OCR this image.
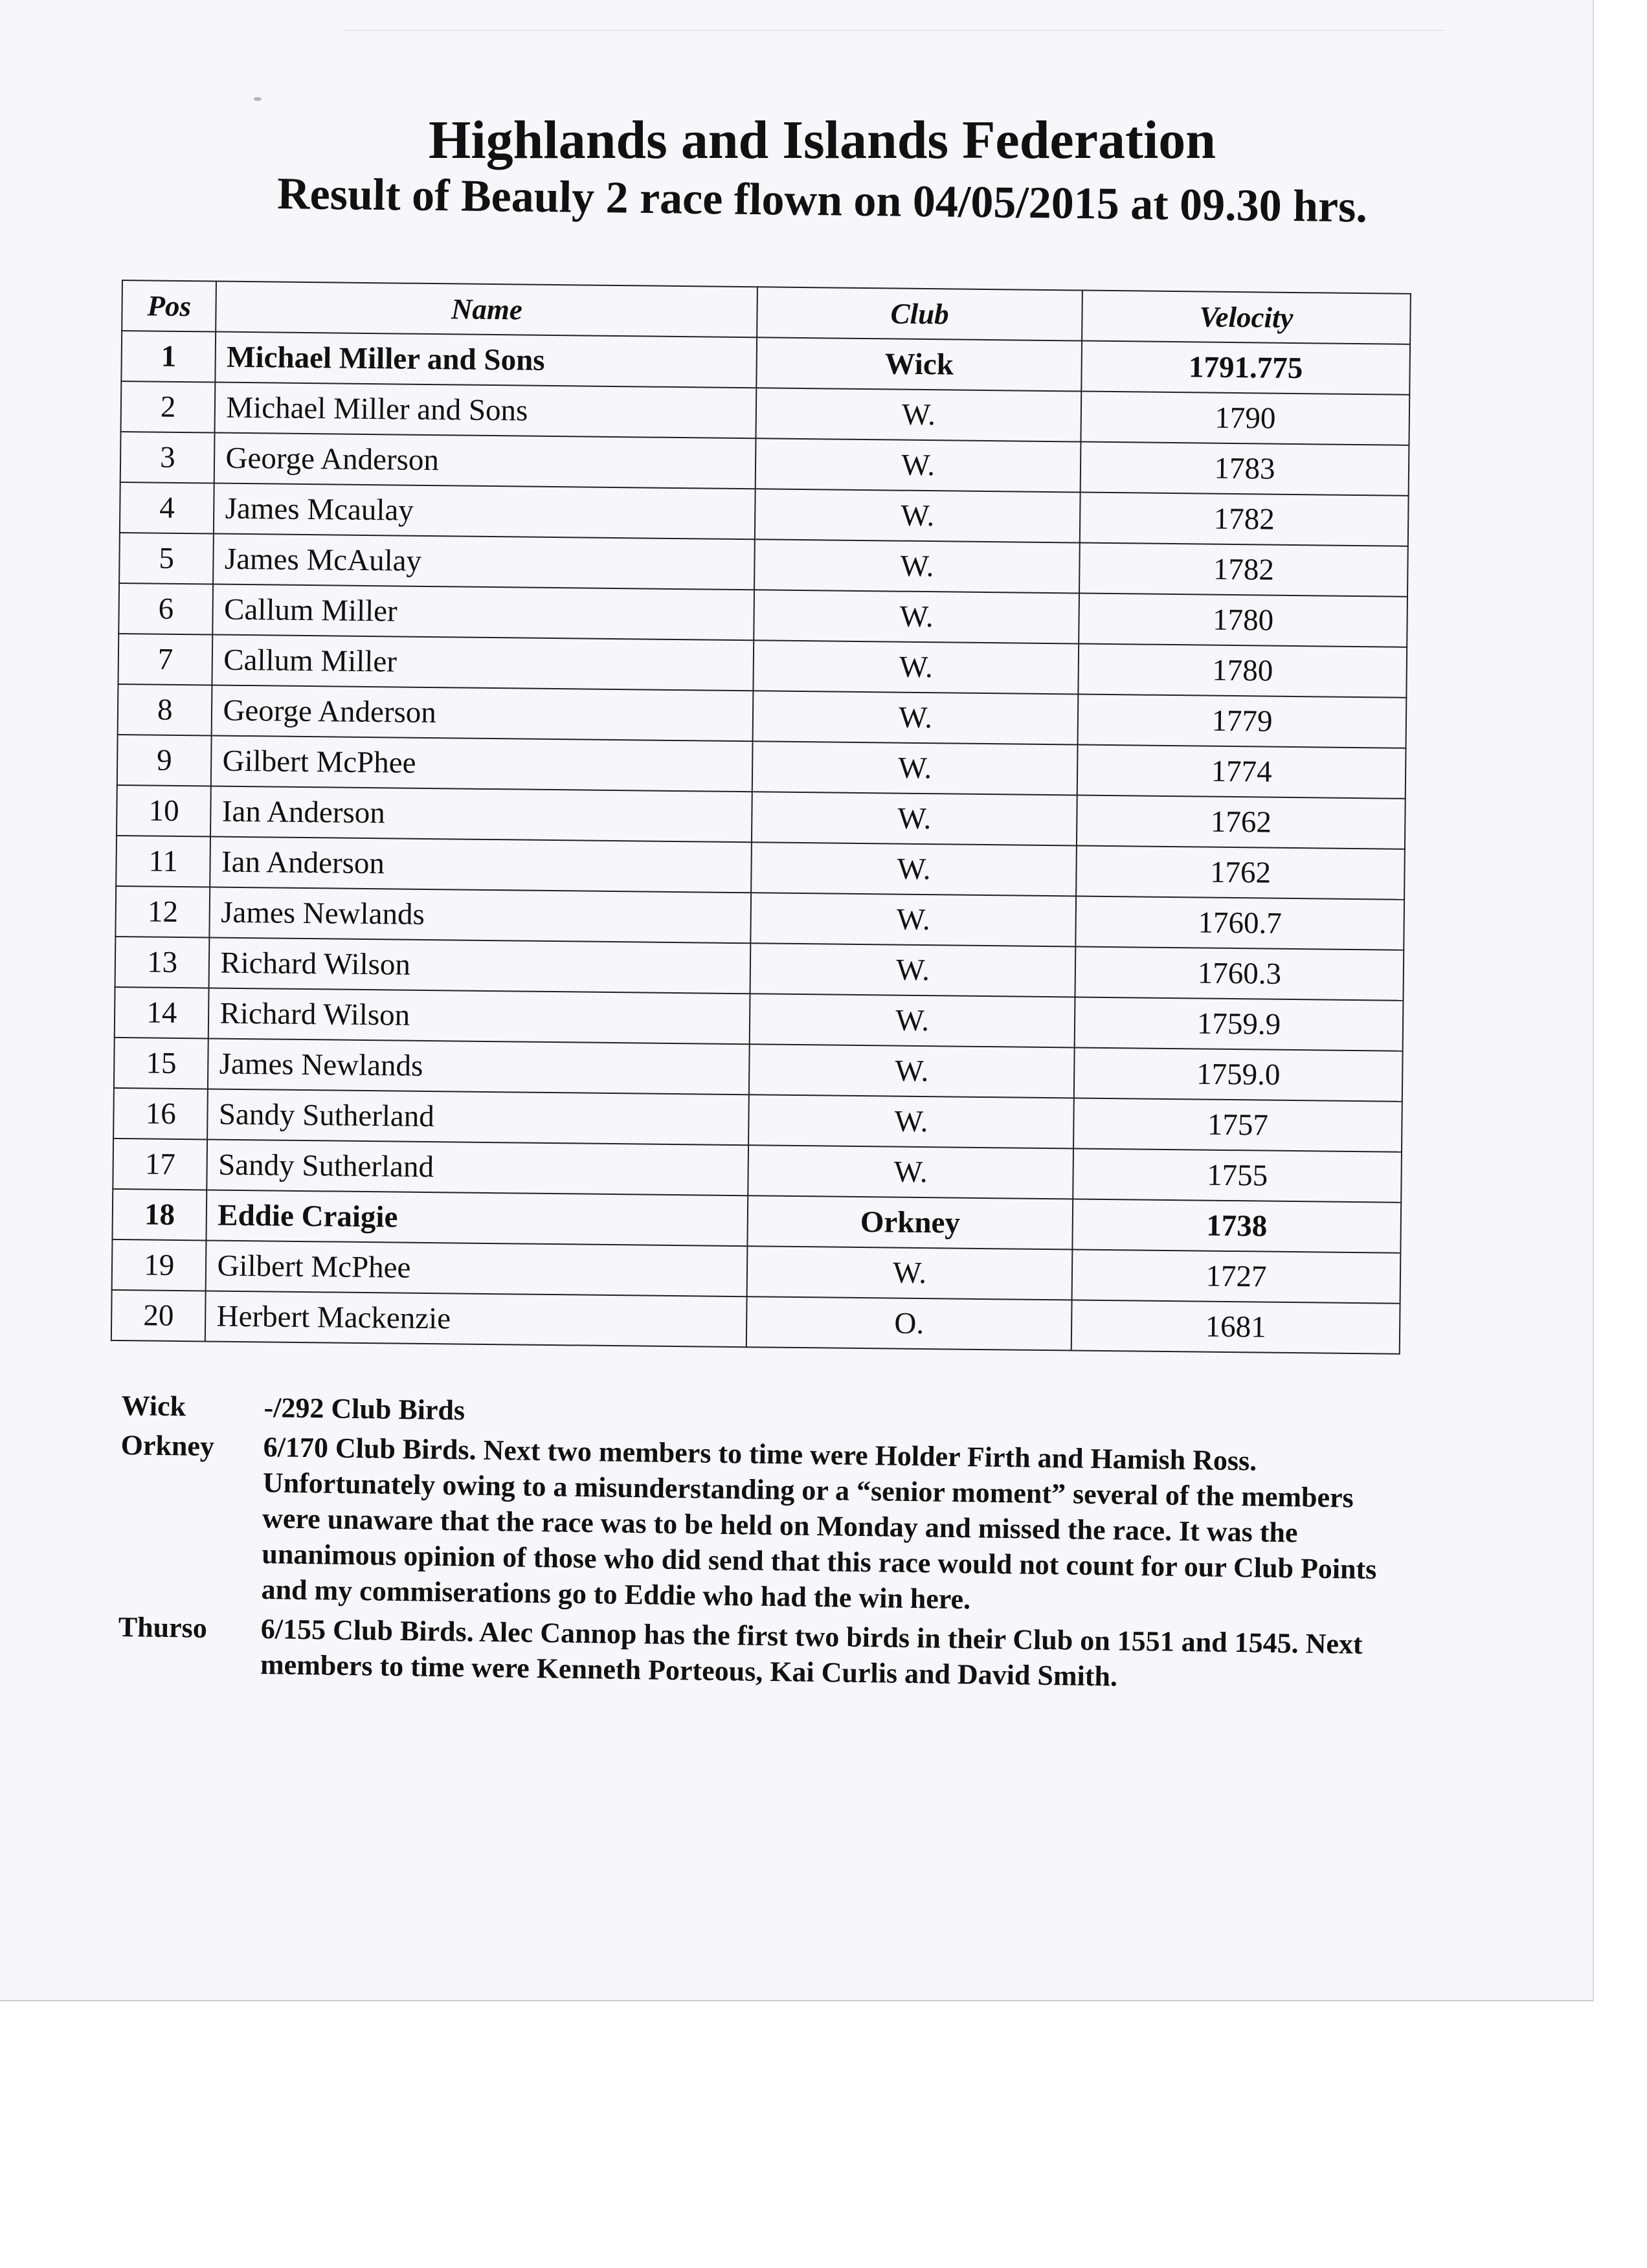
Highlands and Islands Federation
Result of Beauly 2 race flown on 04/05/2015 at 09.30 hrs.
Pos	Name	Club	Velocity
1	Michael Miller and Sons	Wick	1791.775
2	Michael Miller and Sons	W.	1790
3	George Anderson	W.	1783
4	James Mcaulay	W.	1782
5	James McAulay	W.	1782
6	Callum Miller	W.	1780
7	Callum Miller	W.	1780
8	George Anderson	W.	1779
9	Gilbert McPhee	W.	1774
10	Ian Anderson	W.	1762
11	Ian Anderson	W.	1762
12	James Newlands	W.	1760.7
13	Richard Wilson	W.	1760.3
14	Richard Wilson	W.	1759.9
15	James Newlands	W.	1759.0
16	Sandy Sutherland	W.	1757
17	Sandy Sutherland	W.	1755
18	Eddie Craigie	Orkney	1738
19	Gilbert McPhee	W.	1727
20	Herbert Mackenzie	O.	1681
Wick	-/292 Club Birds
Orkney	6/170 Club Birds. Next two members to time were Holder Firth and Hamish Ross. Unfortunately owing to a misunderstanding or a “senior moment” several of the members were unaware that the race was to be held on Monday and missed the race. It was the unanimous opinion of those who did send that this race would not count for our Club Points and my commiserations go to Eddie who had the win here.
Thurso	6/155 Club Birds. Alec Cannop has the first two birds in their Club on 1551 and 1545. Next members to time were Kenneth Porteous, Kai Curlis and David Smith.
